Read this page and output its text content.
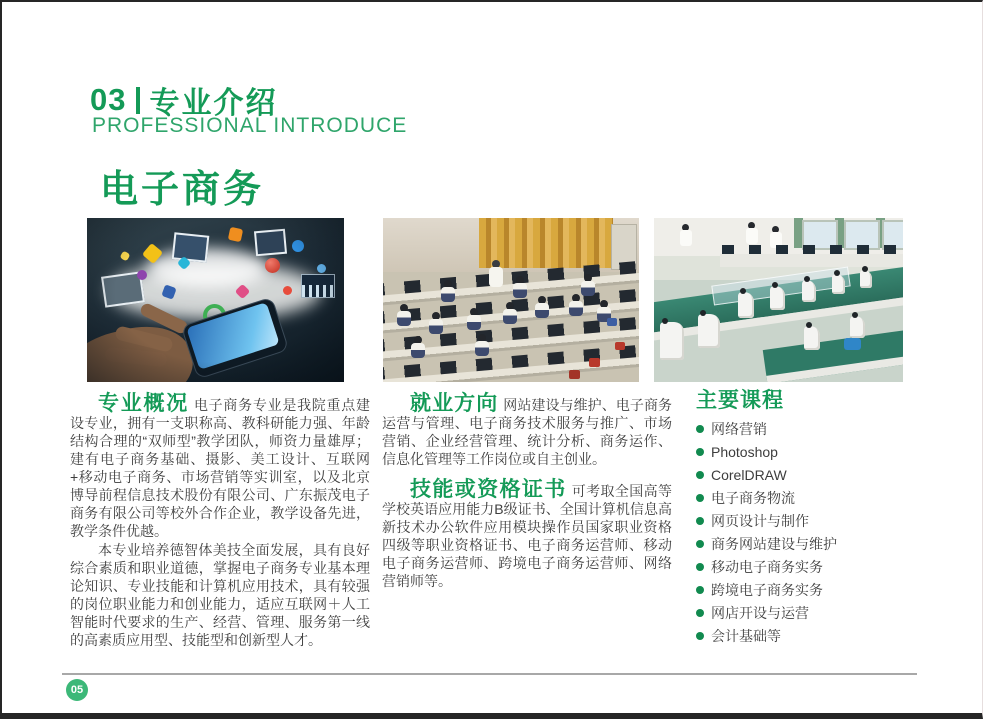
03 专业介绍
PROFESSIONAL INTRODUCE
电子商务

专业概况 电子商务专业是我院重点建设专业，拥有一支职称高、教科研能力强、年龄结构合理的“双师型”教学团队，师资力量雄厚；建有电子商务基础、摄影、美工设计、互联网+移动电子商务、市场营销等实训室，以及北京博导前程信息技术股份有限公司、广东振茂电子商务有限公司等校外合作企业，教学设备先进，教学条件优越。

本专业培养德智体美技全面发展，具有良好综合素质和职业道德，掌握电子商务专业基本理论知识、专业技能和计算机应用技术，具有较强的岗位职业能力和创业能力，适应互联网＋人工智能时代要求的生产、经营、管理、服务第一线的高素质应用型、技能型和创新型人才。

就业方向 网站建设与维护、电子商务运营与管理、电子商务技术服务与推广、市场营销、企业经营管理、统计分析、商务运作、信息化管理等工作岗位或自主创业。

技能或资格证书 可考取全国高等学校英语应用能力B级证书、全国计算机信息高新技术办公软件应用模块操作员国家职业资格四级等职业资格证书、电子商务运营师、移动电子商务运营师、跨境电子商务运营师、网络营销师等。

主要课程
网络营销
Photoshop
CorelDRAW
电子商务物流
网页设计与制作
商务网站建设与维护
移动电子商务实务
跨境电子商务实务
网店开设与运营
会计基础等
05
